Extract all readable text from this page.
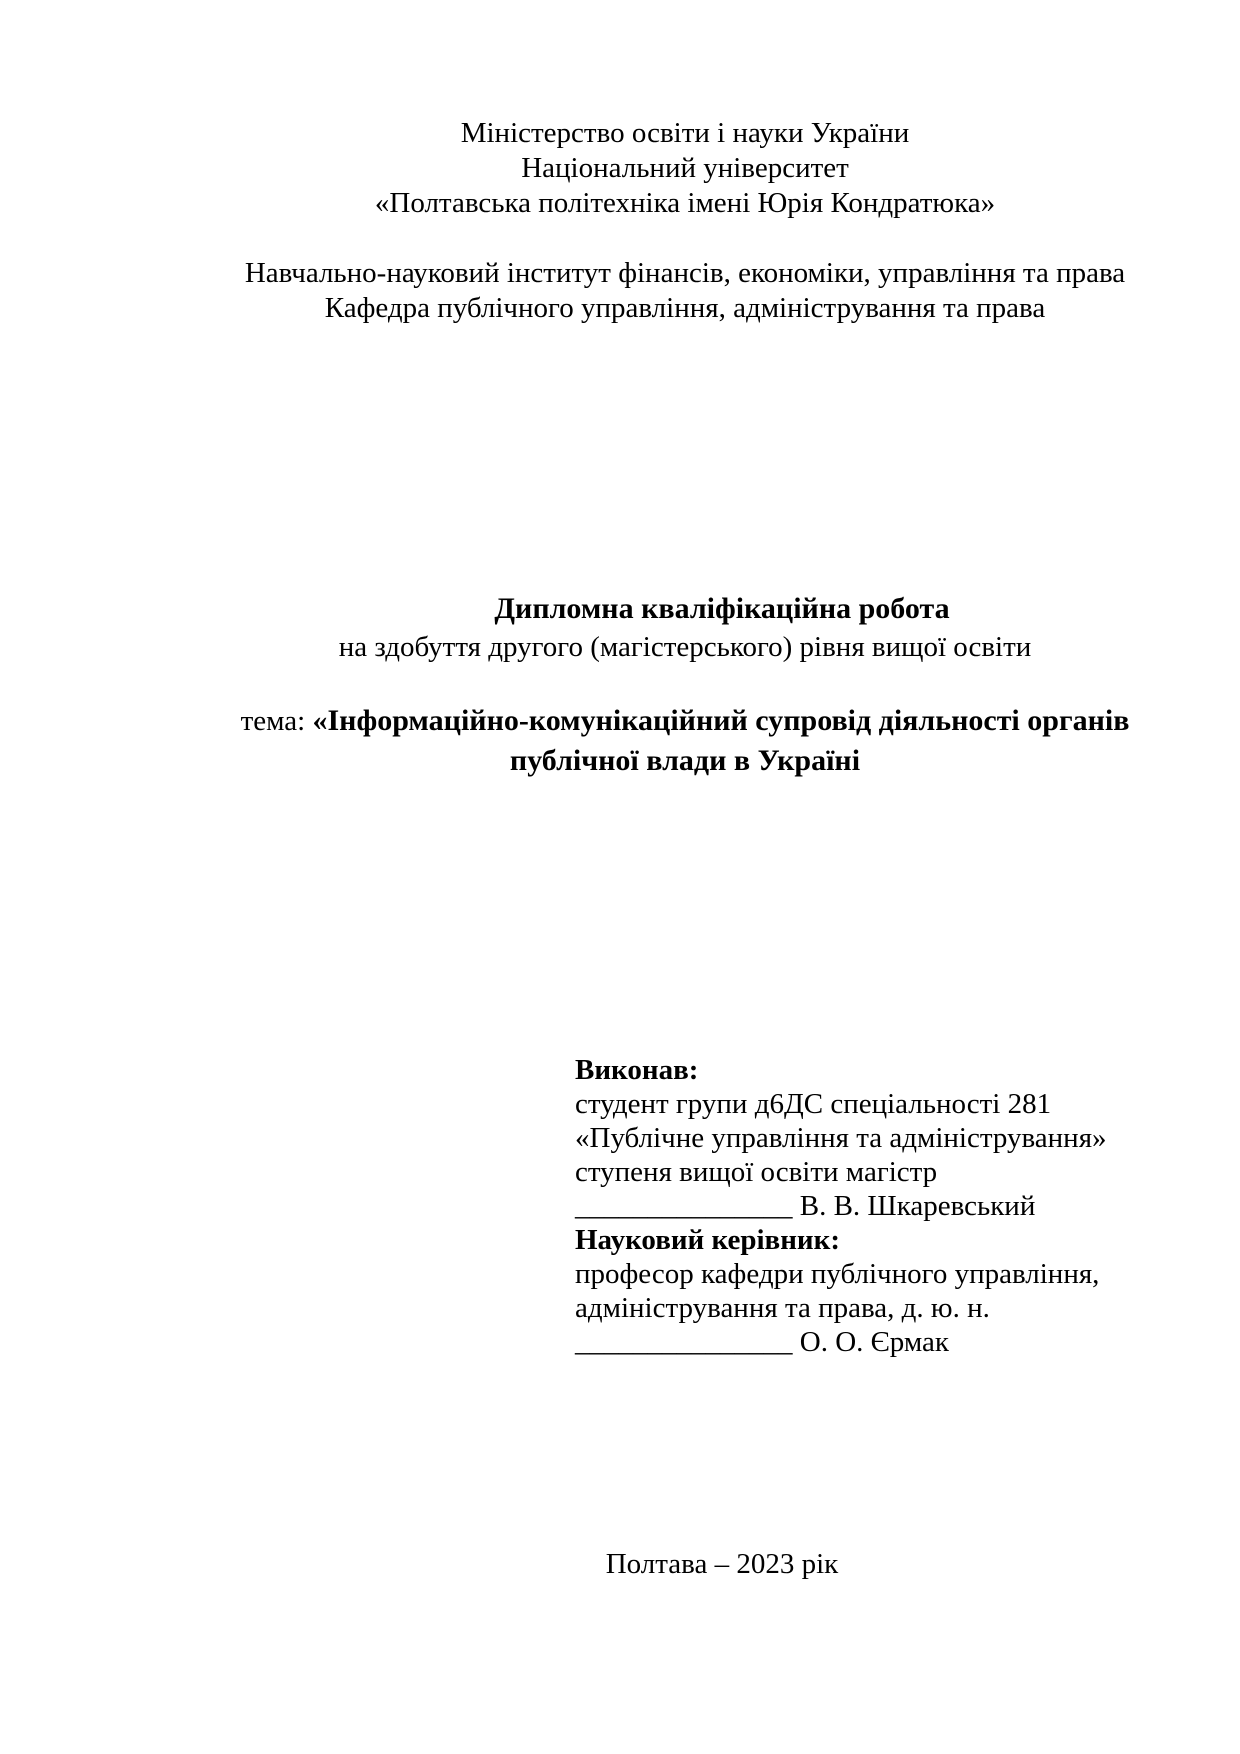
Міністерство освіти і науки України
Національний університет
«Полтавська політехніка імені Юрія Кондратюка»
Навчально-науковий інститут фінансів, економіки, управління та права
Кафедра публічного управління, адміністрування та права
Дипломна кваліфікаційна робота
на здобуття другого (магістерського) рівня вищої освіти
тема: «Інформаційно-комунікаційний супровід діяльності органів
публічної влади в Україні
Виконав:
студент групи д6ДС спеціальності 281
«Публічне управління та адміністрування»
ступеня вищої освіти магістр
_______________ В. В. Шкаревський
Науковий керівник:
професор кафедри публічного управління,
адміністрування та права, д. ю. н.
_______________ О. О. Єрмак
Полтава – 2023 рік
